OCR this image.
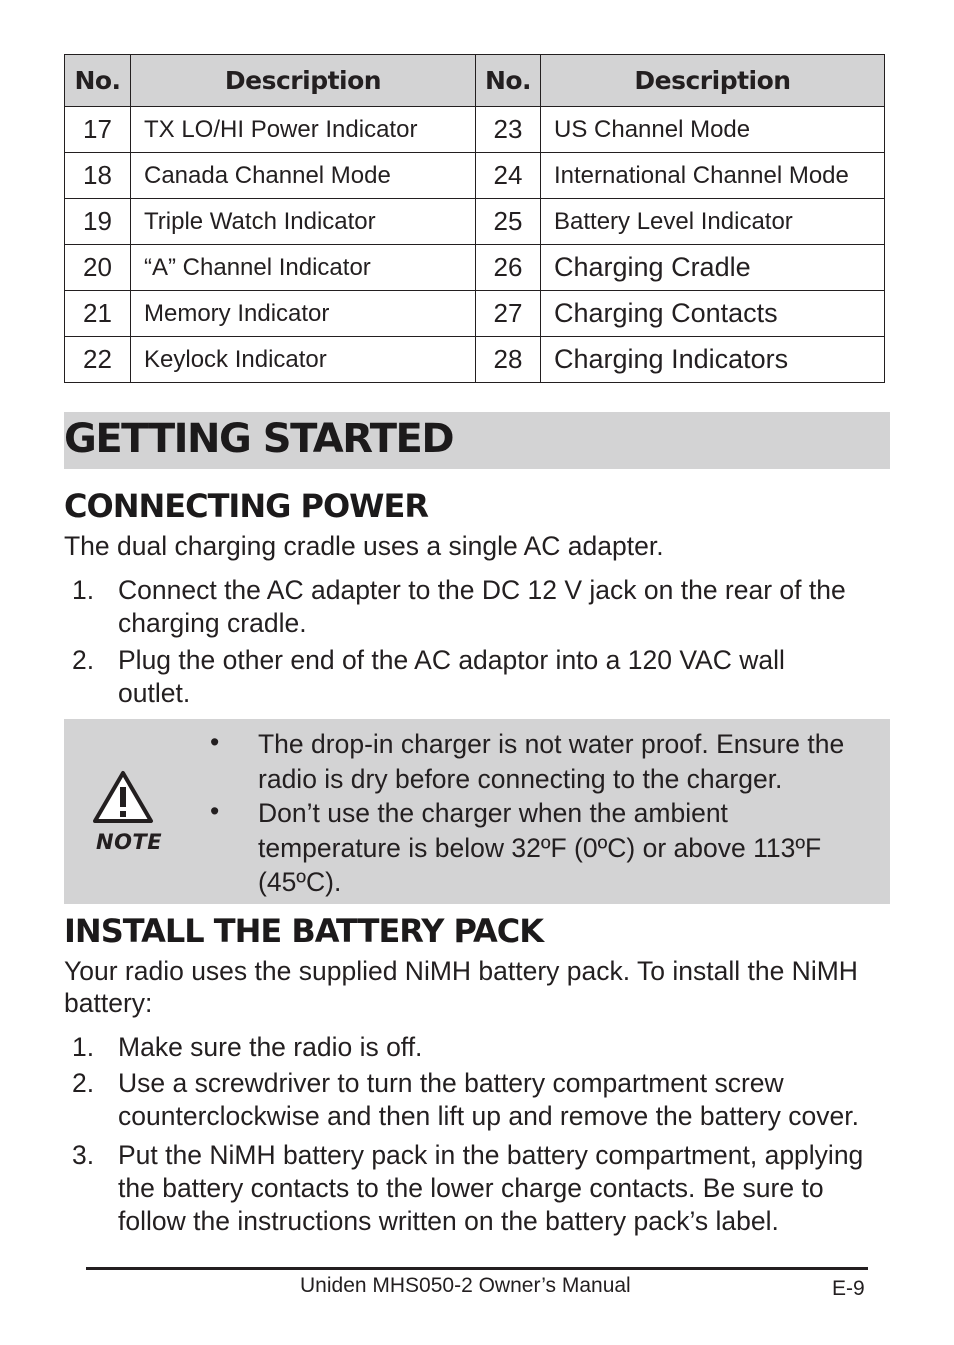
No.	Description	No.	Description
17	TX LO/HI Power Indicator	23	US Channel Mode
18	Canada Channel Mode	24	International Channel Mode
19	Triple Watch Indicator	25	Battery Level Indicator
20	“A” Channel Indicator	26	Charging Cradle
21	Memory Indicator	27	Charging Contacts
22	Keylock Indicator	28	Charging Indicators
GETTING STARTED
CONNECTING POWER
The dual charging cradle uses a single AC adapter.
1. Connect the AC adapter to the DC 12 V jack on the rear of the charging cradle.
2. Plug the other end of the AC adaptor into a 120 VAC wall outlet.
NOTE
• The drop-in charger is not water proof. Ensure the radio is dry before connecting to the charger.
• Don’t use the charger when the ambient temperature is below 32ºF (0ºC) or above 113ºF (45ºC).
INSTALL THE BATTERY PACK
Your radio uses the supplied NiMH battery pack. To install the NiMH battery:
1. Make sure the radio is off.
2. Use a screwdriver to turn the battery compartment screw counterclockwise and then lift up and remove the battery cover.
3. Put the NiMH battery pack in the battery compartment, applying the battery contacts to the lower charge contacts. Be sure to follow the instructions written on the battery pack’s label.
Uniden MHS050-2 Owner’s Manual	E-9
